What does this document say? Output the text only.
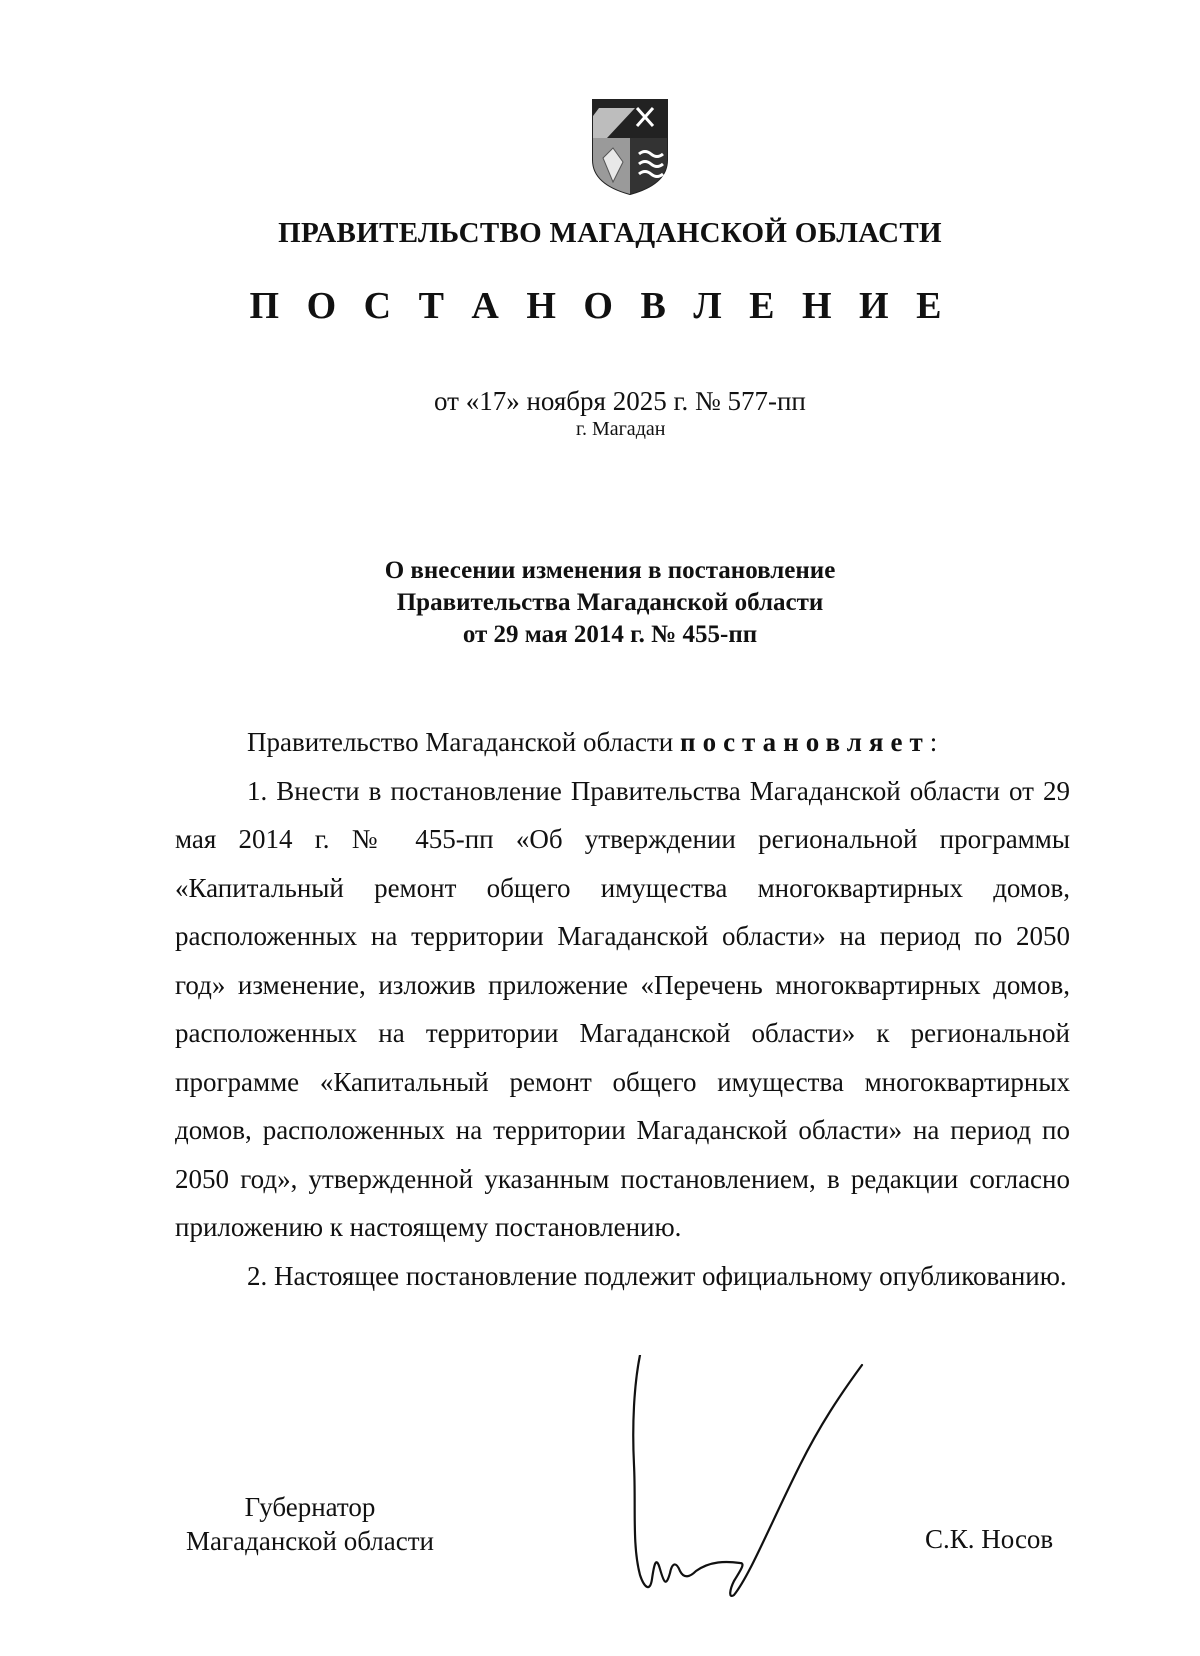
ПРАВИТЕЛЬСТВО МАГАДАНСКОЙ ОБЛАСТИ
П О С Т А Н О В Л Е Н И Е
от «17» ноября 2025 г. № 577-пп
г. Магадан
О внесении изменения в постановление
Правительства Магаданской области
от 29 мая 2014 г. № 455-пп

Правительство Магаданской области постановляет:

1. Внести в постановление Правительства Магаданской области от 29 мая 2014 г. № 455-пп «Об утверждении региональной программы «Капитальный ремонт общего имущества многоквартирных домов, расположенных на территории Магаданской области» на период по 2050 год» изменение, изложив приложение «Перечень многоквартирных домов, расположенных на территории Магаданской области» к региональной программе «Капитальный ремонт общего имущества многоквартирных домов, расположенных на территории Магаданской области» на период по 2050 год», утвержденной указанным постановлением, в редакции согласно приложению к настоящему постановлению.

2. Настоящее постановление подлежит официальному опубликованию.

Губернатор
Магаданской области	С.К. Носов
